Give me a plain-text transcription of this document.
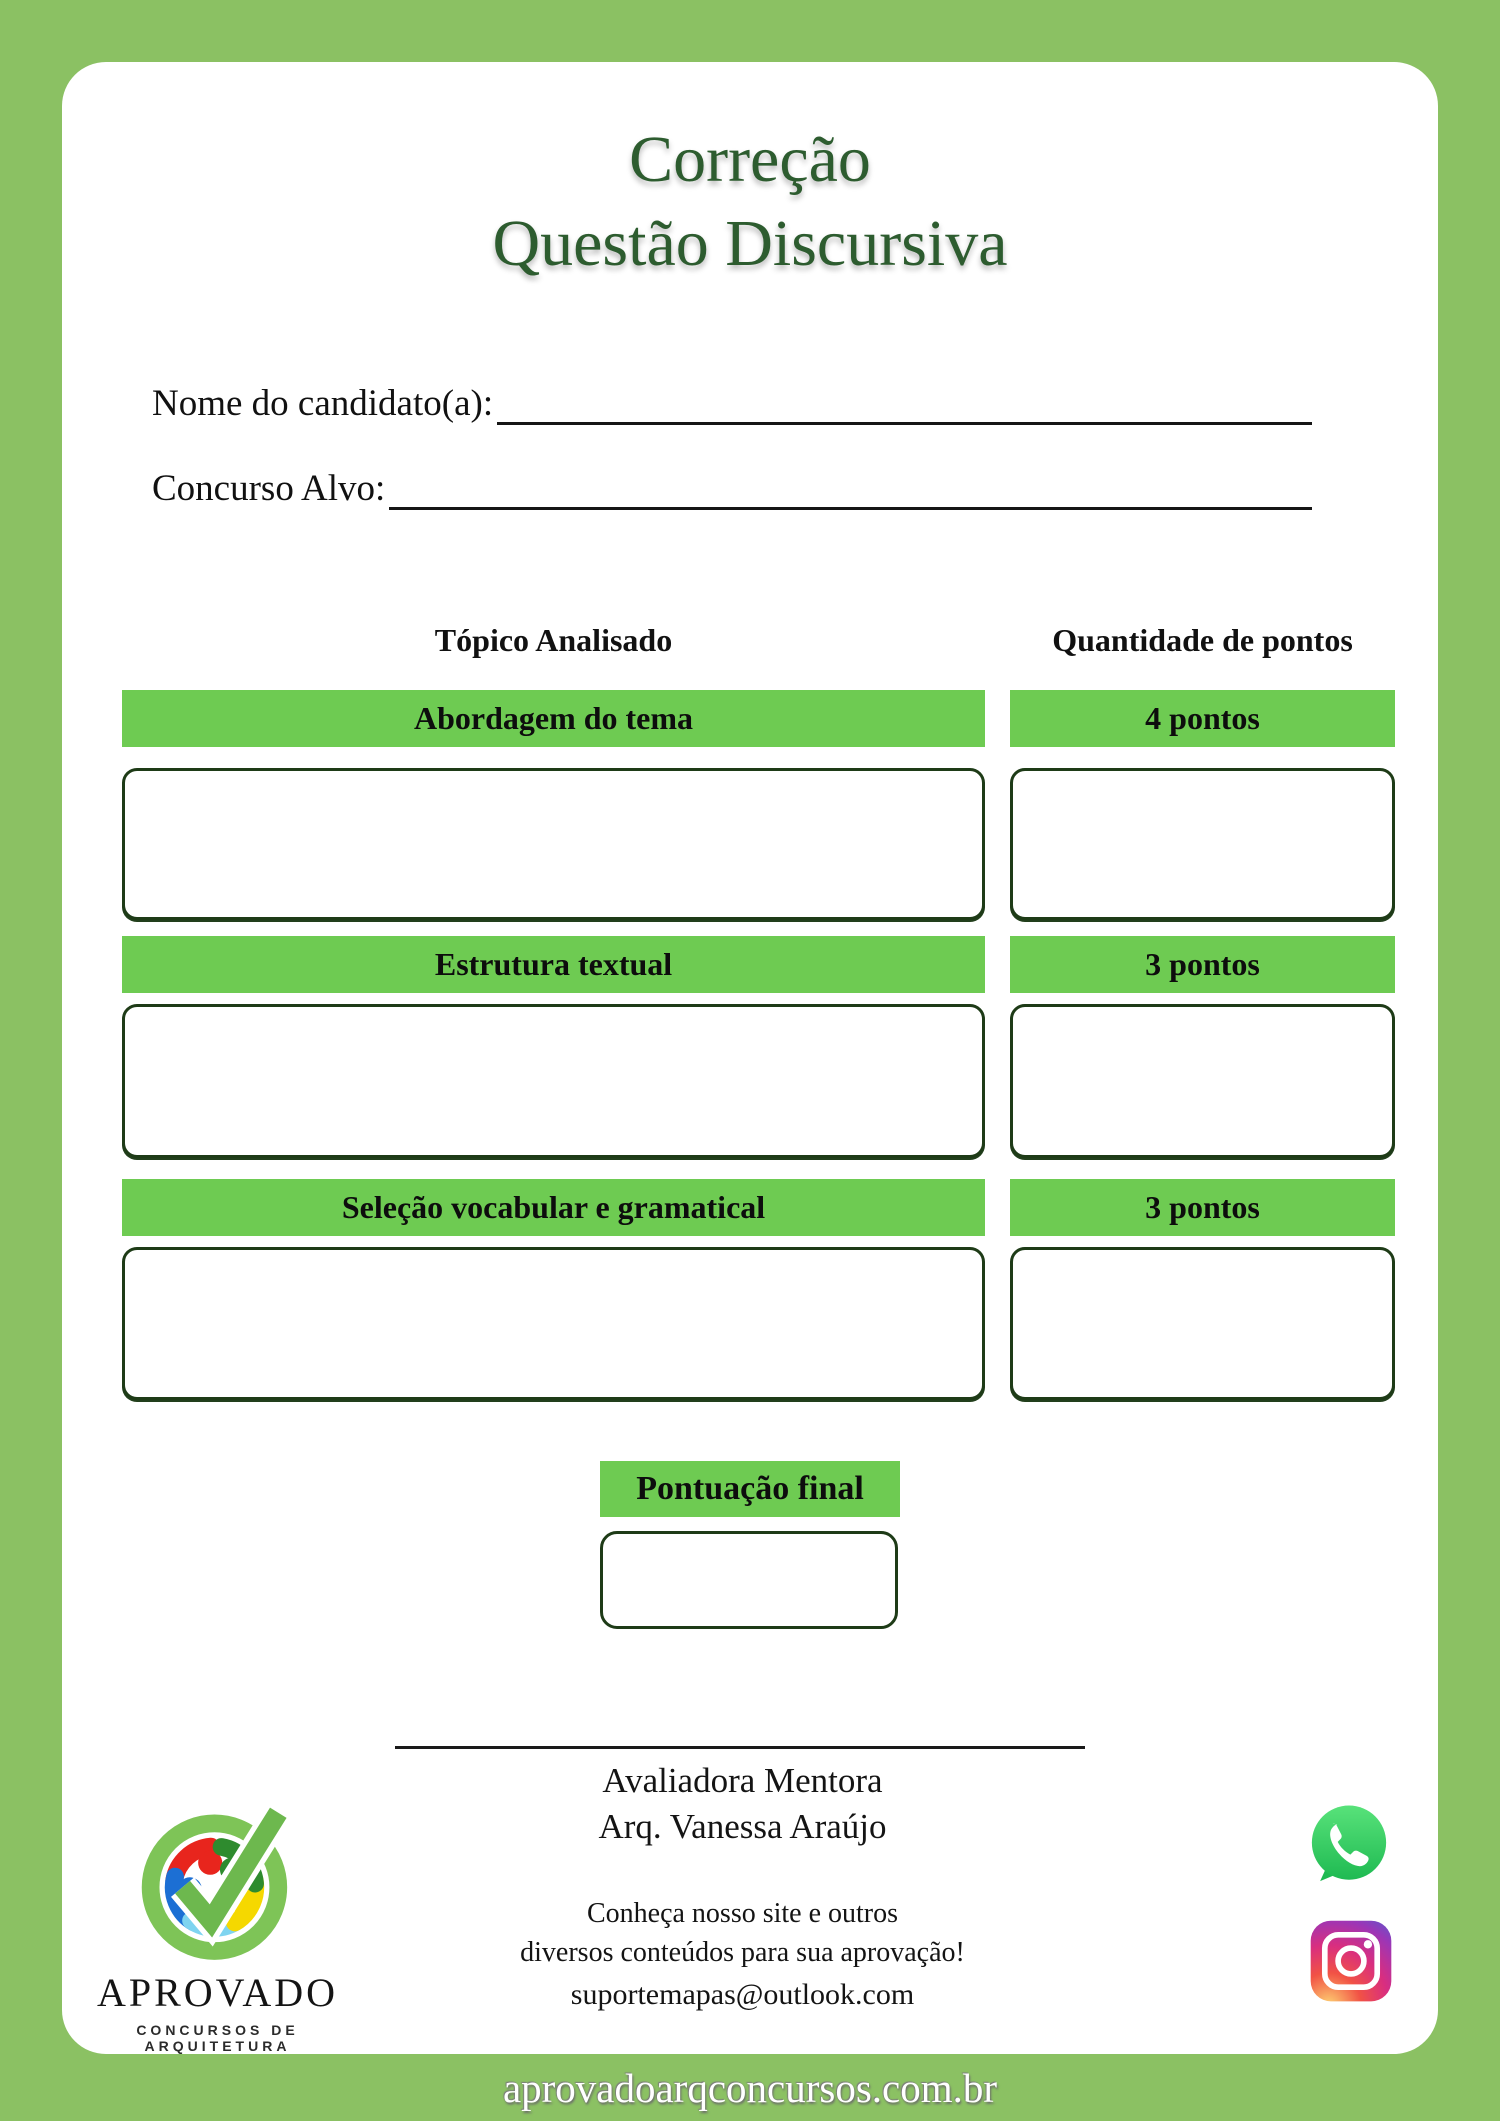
Correção
Questão Discursiva
Nome do candidato(a):
Concurso Alvo:
Tópico Analisado	Quantidade de pontos
Abordagem do tema	4 pontos
Estrutura textual	3 pontos
Seleção vocabular e gramatical	3 pontos
Pontuação final
Avaliadora Mentora
Arq. Vanessa Araújo
Conheça nosso site e outros
diversos conteúdos para sua aprovação!
suportemapas@outlook.com
APROVADO
CONCURSOS DE ARQUITETURA
aprovadoarqconcursos.com.br
